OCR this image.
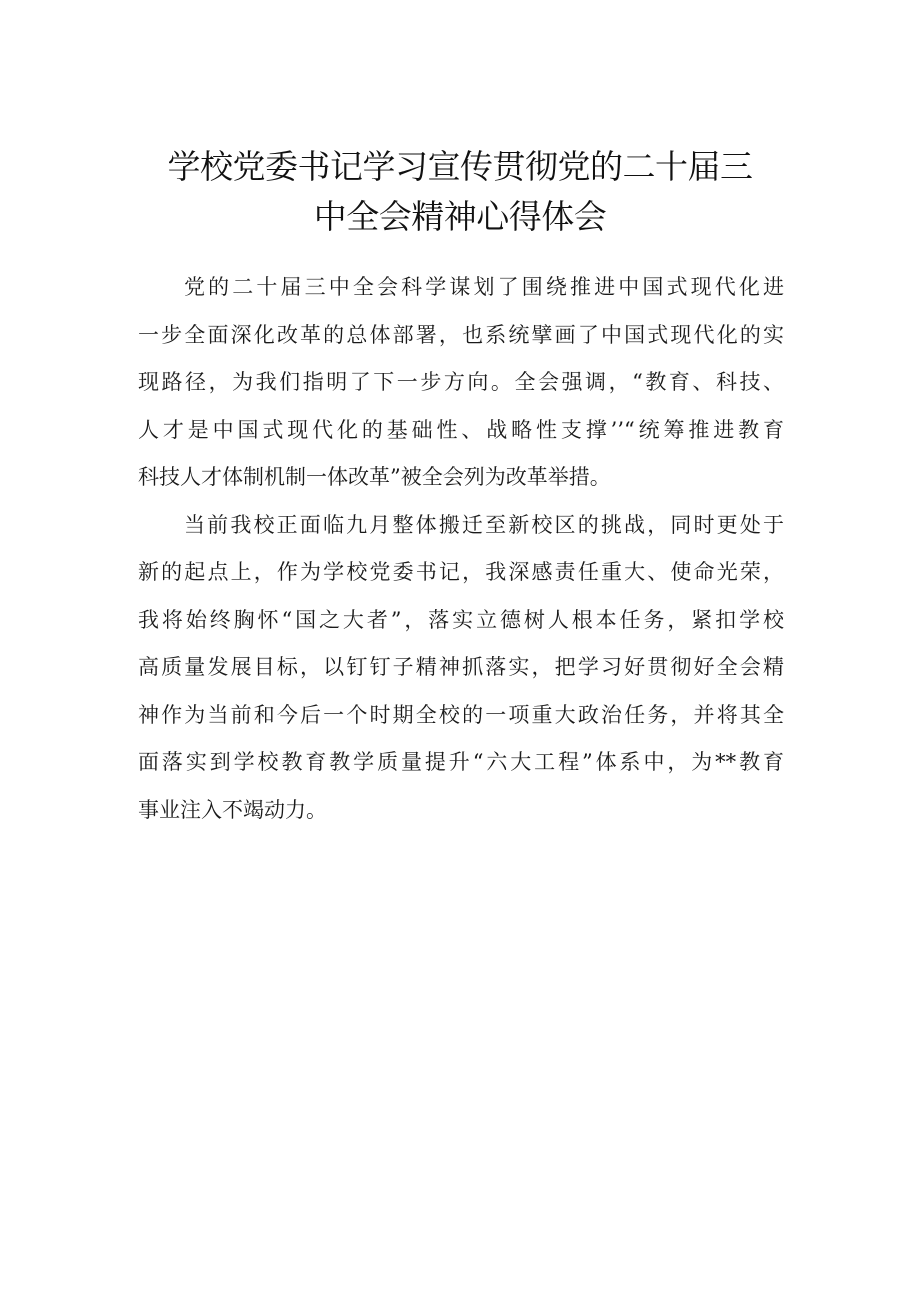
学校党委书记学习宣传贯彻党的二十届三
中全会精神心得体会
党的二十届三中全会科学谋划了围绕推进中国式现代化进
一步全面深化改革的总体部署，也系统擘画了中国式现代化的实
现路径，为我们指明了下一步方向。全会强调，“教育、科技、
人才是中国式现代化的基础性、战略性支撑’’“统筹推进教育
科技人才体制机制一体改革”被全会列为改革举措。
当前我校正面临九月整体搬迁至新校区的挑战，同时更处于
新的起点上，作为学校党委书记，我深感责任重大、使命光荣，
我将始终胸怀“国之大者”，落实立德树人根本任务，紧扣学校
高质量发展目标，以钉钉子精神抓落实，把学习好贯彻好全会精
神作为当前和今后一个时期全校的一项重大政治任务，并将其全
面落实到学校教育教学质量提升“六大工程”体系中，为**教育
事业注入不竭动力。
